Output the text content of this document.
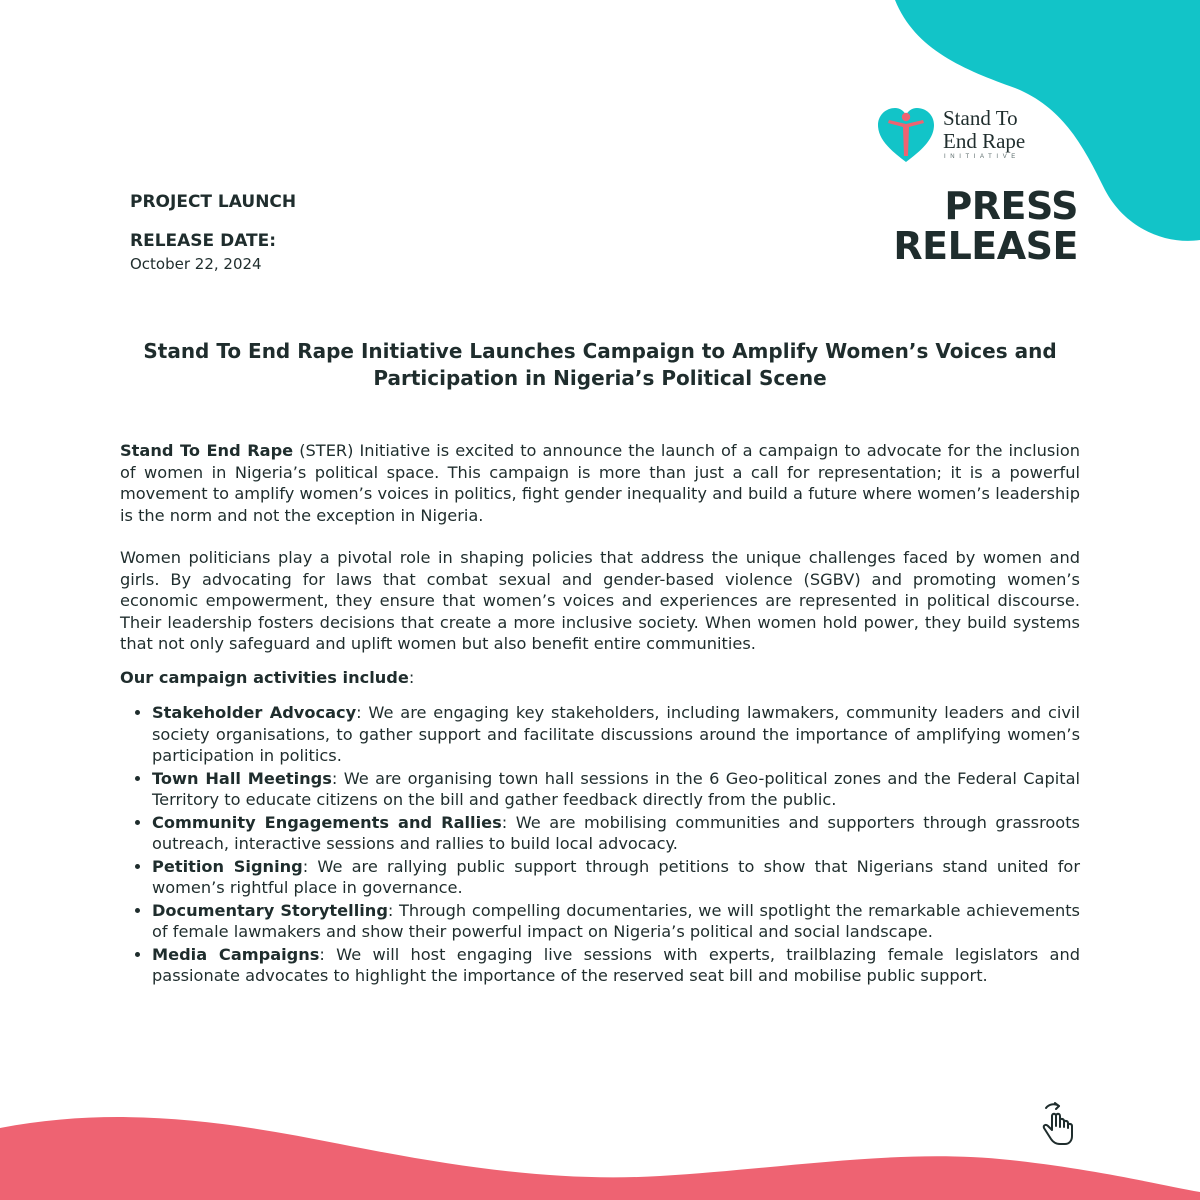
Stand To
End Rape
INITIATIVE
PRESS
RELEASE

PROJECT LAUNCH

RELEASE DATE:

October 22, 2024
Stand To End Rape Initiative Launches Campaign to Amplify Women’s Voices and Participation in Nigeria’s Political Scene

Stand To End Rape (STER) Initiative is excited to announce the launch of a campaign to advocate for the inclusion of women in Nigeria’s political space. This campaign is more than just a call for representation; it is a powerful movement to amplify women’s voices in politics, fight gender inequality and build a future where women’s leadership is the norm and not the exception in Nigeria.

Women politicians play a pivotal role in shaping policies that address the unique challenges faced by women and girls. By advocating for laws that combat sexual and gender-based violence (SGBV) and promoting women’s economic empowerment, they ensure that women’s voices and experiences are represented in political discourse. Their leadership fosters decisions that create a more inclusive society. When women hold power, they build systems that not only safeguard and uplift women but also benefit entire communities.

Our campaign activities include:

• Stakeholder Advocacy: We are engaging key stakeholders, including lawmakers, community leaders and civil society organisations, to gather support and facilitate discussions around the importance of amplifying women’s participation in politics.
• Town Hall Meetings: We are organising town hall sessions in the 6 Geo-political zones and the Federal Capital Territory to educate citizens on the bill and gather feedback directly from the public.
• Community Engagements and Rallies: We are mobilising communities and supporters through grassroots outreach, interactive sessions and rallies to build local advocacy.
• Petition Signing: We are rallying public support through petitions to show that Nigerians stand united for women’s rightful place in governance.
• Documentary Storytelling: Through compelling documentaries, we will spotlight the remarkable achievements of female lawmakers and show their powerful impact on Nigeria’s political and social landscape.
• Media Campaigns: We will host engaging live sessions with experts, trailblazing female legislators and passionate advocates to highlight the importance of the reserved seat bill and mobilise public support.
